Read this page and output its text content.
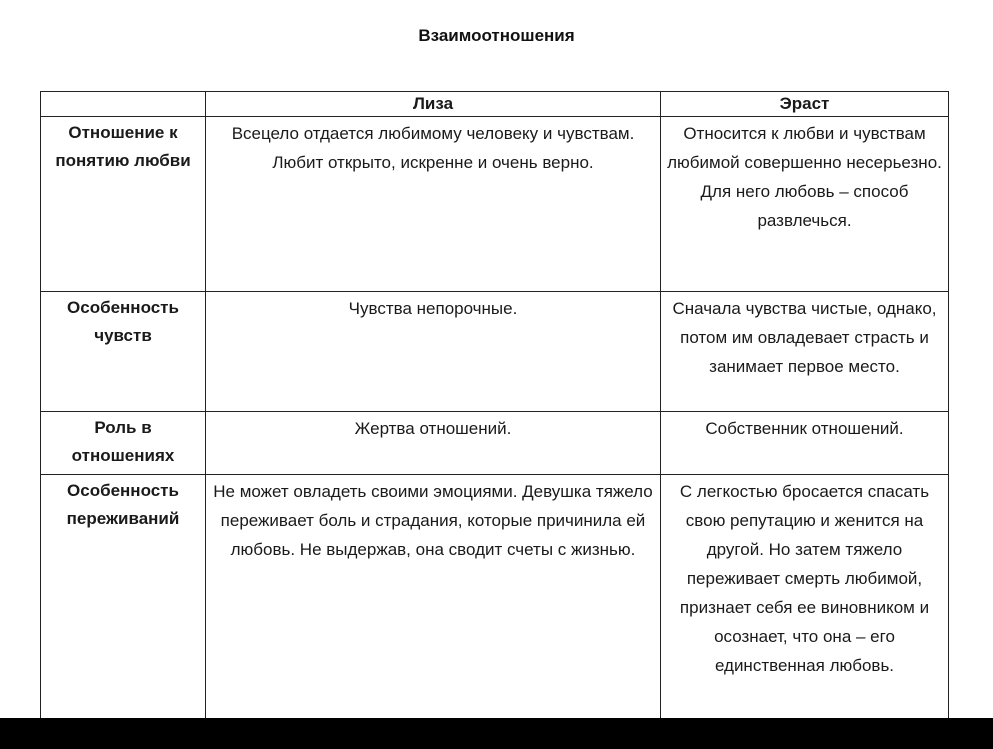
Взаимоотношения
	Лиза	Эраст
Отношение к понятию любви	Всецело отдается любимому человеку и чувствам. Любит открыто, искренне и очень верно.	Относится к любви и чувствам любимой совершенно несерьезно. Для него любовь – способ развлечься.
Особенность чувств	Чувства непорочные.	Сначала чувства чистые, однако, потом им овладевает страсть и занимает первое место.
Роль в отношениях	Жертва отношений.	Собственник отношений.
Особенность переживаний	Не может овладеть своими эмоциями. Девушка тяжело переживает боль и страдания, которые причинила ей любовь. Не выдержав, она сводит счеты с жизнью.	С легкостью бросается спасать свою репутацию и женится на другой. Но затем тяжело переживает смерть любимой, признает себя ее виновником и осознает, что она – его единственная любовь.
